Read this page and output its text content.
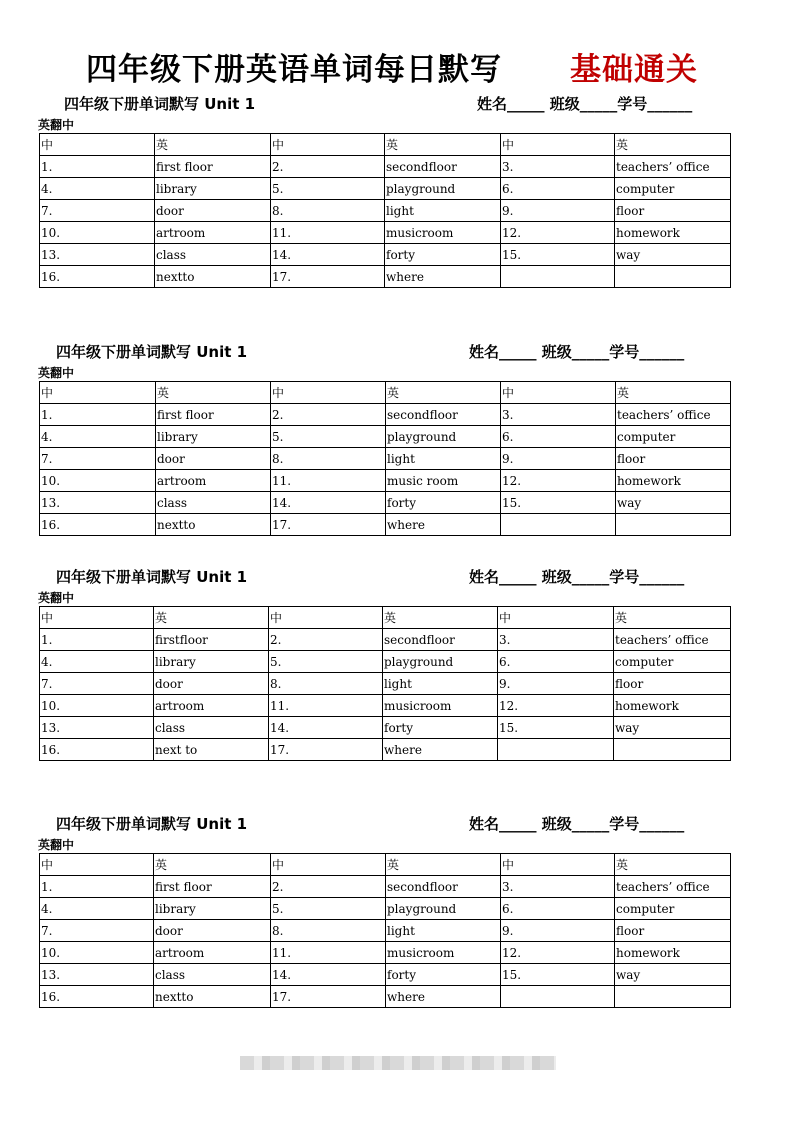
四年级下册英语单词每日默写 基础通关
四年级下册单词默写 Unit 1	姓名_____ 班级_____学号______
英翻中
中	英	中	英	中	英
1.	first floor	2.	secondfloor	3.	teachers’ office
4.	library	5.	playground	6.	computer
7.	door	8.	light	9.	floor
10.	artroom	11.	musicroom	12.	homework
13.	class	14.	forty	15.	way
16.	nextto	17.	where		
四年级下册单词默写 Unit 1	姓名_____ 班级_____学号______
英翻中
中	英	中	英	中	英
1.	first floor	2.	secondfloor	3.	teachers’ office
4.	library	5.	playground	6.	computer
7.	door	8.	light	9.	floor
10.	artroom	11.	music room	12.	homework
13.	class	14.	forty	15.	way
16.	nextto	17.	where		
四年级下册单词默写 Unit 1	姓名_____ 班级_____学号______
英翻中
中	英	中	英	中	英
1.	firstfloor	2.	secondfloor	3.	teachers’ office
4.	library	5.	playground	6.	computer
7.	door	8.	light	9.	floor
10.	artroom	11.	musicroom	12.	homework
13.	class	14.	forty	15.	way
16.	next to	17.	where		
四年级下册单词默写 Unit 1	姓名_____ 班级_____学号______
英翻中
中	英	中	英	中	英
1.	first floor	2.	secondfloor	3.	teachers’ office
4.	library	5.	playground	6.	computer
7.	door	8.	light	9.	floor
10.	artroom	11.	musicroom	12.	homework
13.	class	14.	forty	15.	way
16.	nextto	17.	where		
